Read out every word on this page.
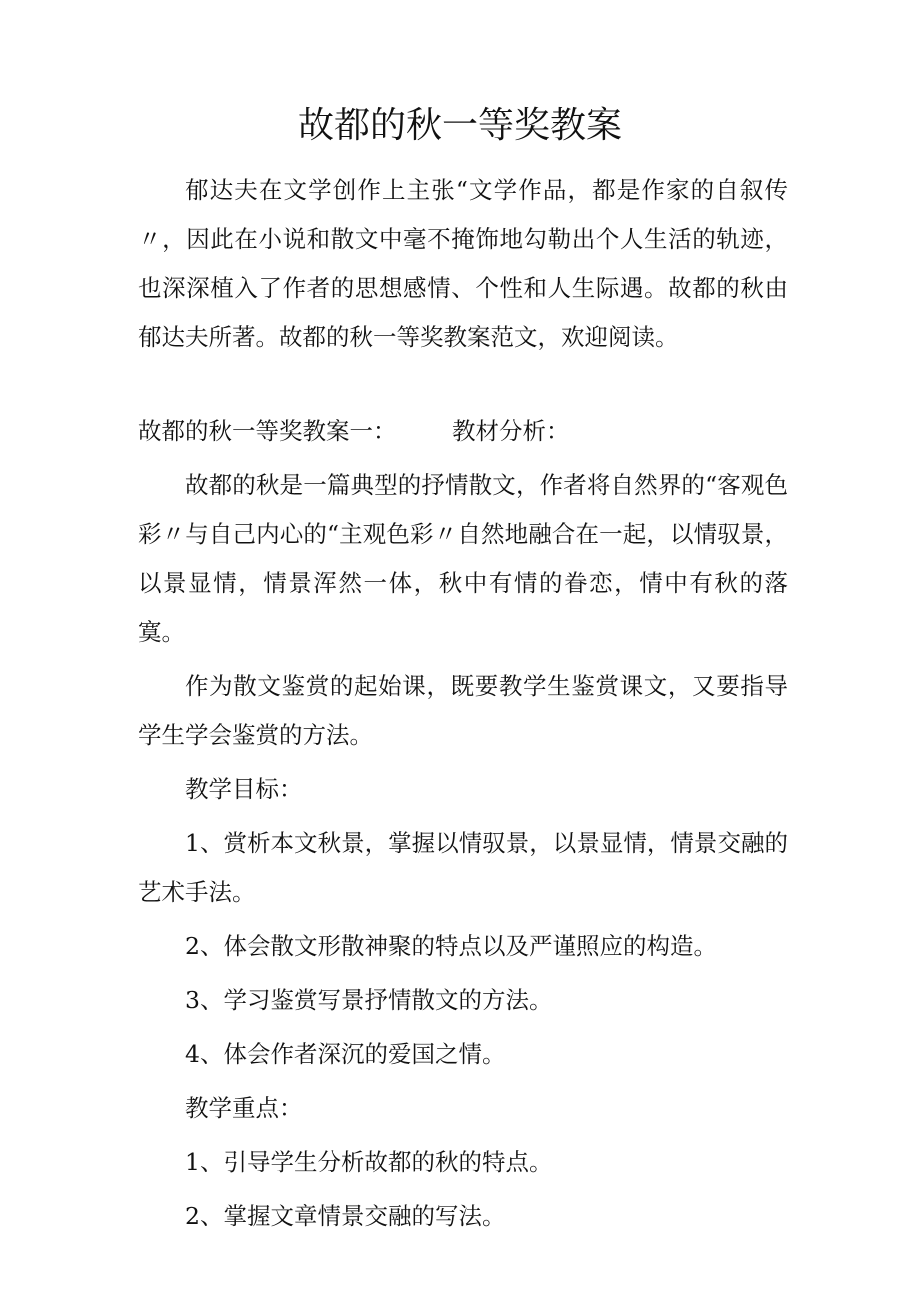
故都的秋一等奖教案

郁达夫在文学创作上主张“文学作品，都是作家的自叙传〃，因此在小说和散文中毫不掩饰地勾勒出个人生活的轨迹，也深深植入了作者的思想感情、个性和人生际遇。故都的秋由郁达夫所著。故都的秋一等奖教案范文，欢迎阅读。

故都的秋一等奖教案一：	教材分析：

故都的秋是一篇典型的抒情散文，作者将自然界的“客观色彩〃与自己内心的“主观色彩〃自然地融合在一起，以情驭景，以景显情，情景浑然一体，秋中有情的眷恋，情中有秋的落寞。

作为散文鉴赏的起始课，既要教学生鉴赏课文，又要指导学生学会鉴赏的方法。

教学目标：

1、赏析本文秋景，掌握以情驭景，以景显情，情景交融的艺术手法。

2、体会散文形散神聚的特点以及严谨照应的构造。

3、学习鉴赏写景抒情散文的方法。

4、体会作者深沉的爱国之情。

教学重点：

1、引导学生分析故都的秋的特点。

2、掌握文章情景交融的写法。
